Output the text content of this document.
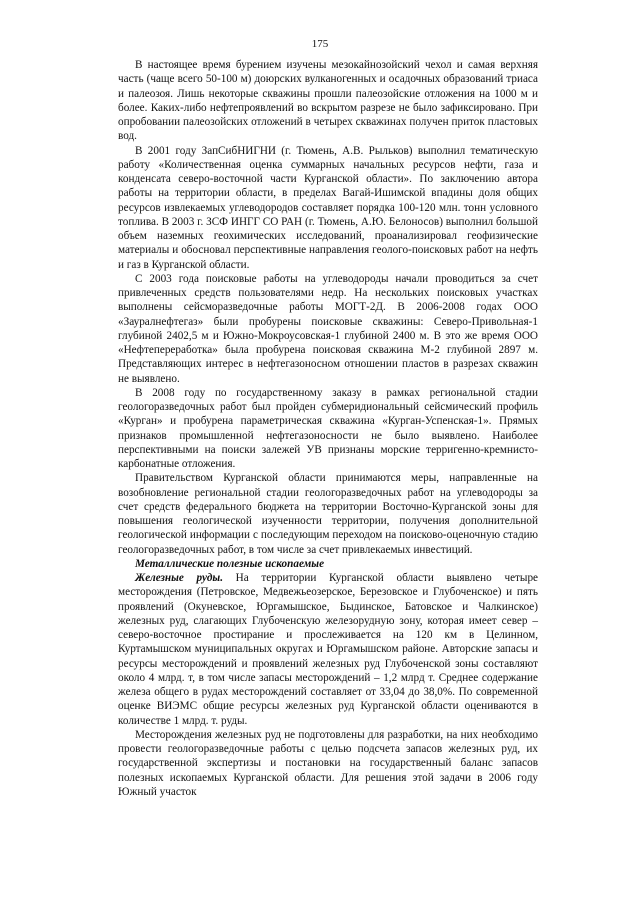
175

В настоящее время бурением изучены мезокайнозойский чехол и самая верхняя часть (чаще всего 50-100 м) доюрских вулканогенных и осадочных образований триаса и палеозоя. Лишь некоторые скважины прошли палеозойские отложения на 1000 м и более. Каких-либо нефтепроявлений во вскрытом разрезе не было зафиксировано. При опробовании палеозойских отложений в четырех скважинах получен приток пластовых вод.

В 2001 году ЗапСибНИГНИ (г. Тюмень, А.В. Рыльков) выполнил тематическую работу «Количественная оценка суммарных начальных ресурсов нефти, газа и конденсата северо-восточной части Курганской области». По заключению автора работы на территории области, в пределах Вагай-Ишимской впадины доля общих ресурсов извлекаемых углеводородов составляет порядка 100-120 млн. тонн условного топлива. В 2003 г. ЗСФ ИНГГ СО РАН (г. Тюмень, А.Ю. Белоносов) выполнил большой объем наземных геохимических исследований, проанализировал геофизические материалы и обосновал перспективные направления геолого-поисковых работ на нефть и газ в Курганской области.

С 2003 года поисковые работы на углеводороды начали проводиться за счет привлеченных средств пользователями недр. На нескольких поисковых участках выполнены сейсморазведочные работы МОГТ-2Д. В 2006-2008 годах ООО «Зауралнефтегаз» были пробурены поисковые скважины: Северо-Привольная-1 глубиной 2402,5 м и Южно-Мокроусовская-1 глубиной 2400 м. В это же время ООО «Нефтепереработка» была пробурена поисковая скважина М-2 глубиной 2897 м. Представляющих интерес в нефтегазоносном отношении пластов в разрезах скважин не выявлено.

В 2008 году по государственному заказу в рамках региональной стадии геологоразведочных работ был пройден субмеридиональный сейсмический профиль «Курган» и пробурена параметрическая скважина «Курган-Успенская-1». Прямых признаков промышленной нефтегазоносности не было выявлено. Наиболее перспективными на поиски залежей УВ признаны морские терригенно-кремнисто-карбонатные отложения.

Правительством Курганской области принимаются меры, направленные на возобновление региональной стадии геологоразведочных работ на углеводороды за счет средств федерального бюджета на территории Восточно-Курганской зоны для повышения геологической изученности территории, получения дополнительной геологической информации с последующим переходом на поисково-оценочную стадию геологоразведочных работ, в том числе за счет привлекаемых инвестиций.

Металлические полезные ископаемые

Железные руды. На территории Курганской области выявлено четыре месторождения (Петровское, Медвежьеозерское, Березовское и Глубоченское) и пять проявлений (Окуневское, Юргамышское, Быдинское, Батовское и Чалкинское) железных руд, слагающих Глубоченскую железорудную зону, которая имеет север – северо-восточное простирание и прослеживается на 120 км в Целинном, Куртамышском муниципальных округах и Юргамышском районе. Авторские запасы и ресурсы месторождений и проявлений железных руд Глубоченской зоны составляют около 4 млрд. т, в том числе запасы месторождений – 1,2 млрд т. Среднее содержание железа общего в рудах месторождений составляет от 33,04 до 38,0%. По современной оценке ВИЭМС общие ресурсы железных руд Курганской области оцениваются в количестве 1 млрд. т. руды.

Месторождения железных руд не подготовлены для разработки, на них необходимо провести геологоразведочные работы с целью подсчета запасов железных руд, их государственной экспертизы и постановки на государственный баланс запасов полезных ископаемых Курганской области. Для решения этой задачи в 2006 году Южный участок
